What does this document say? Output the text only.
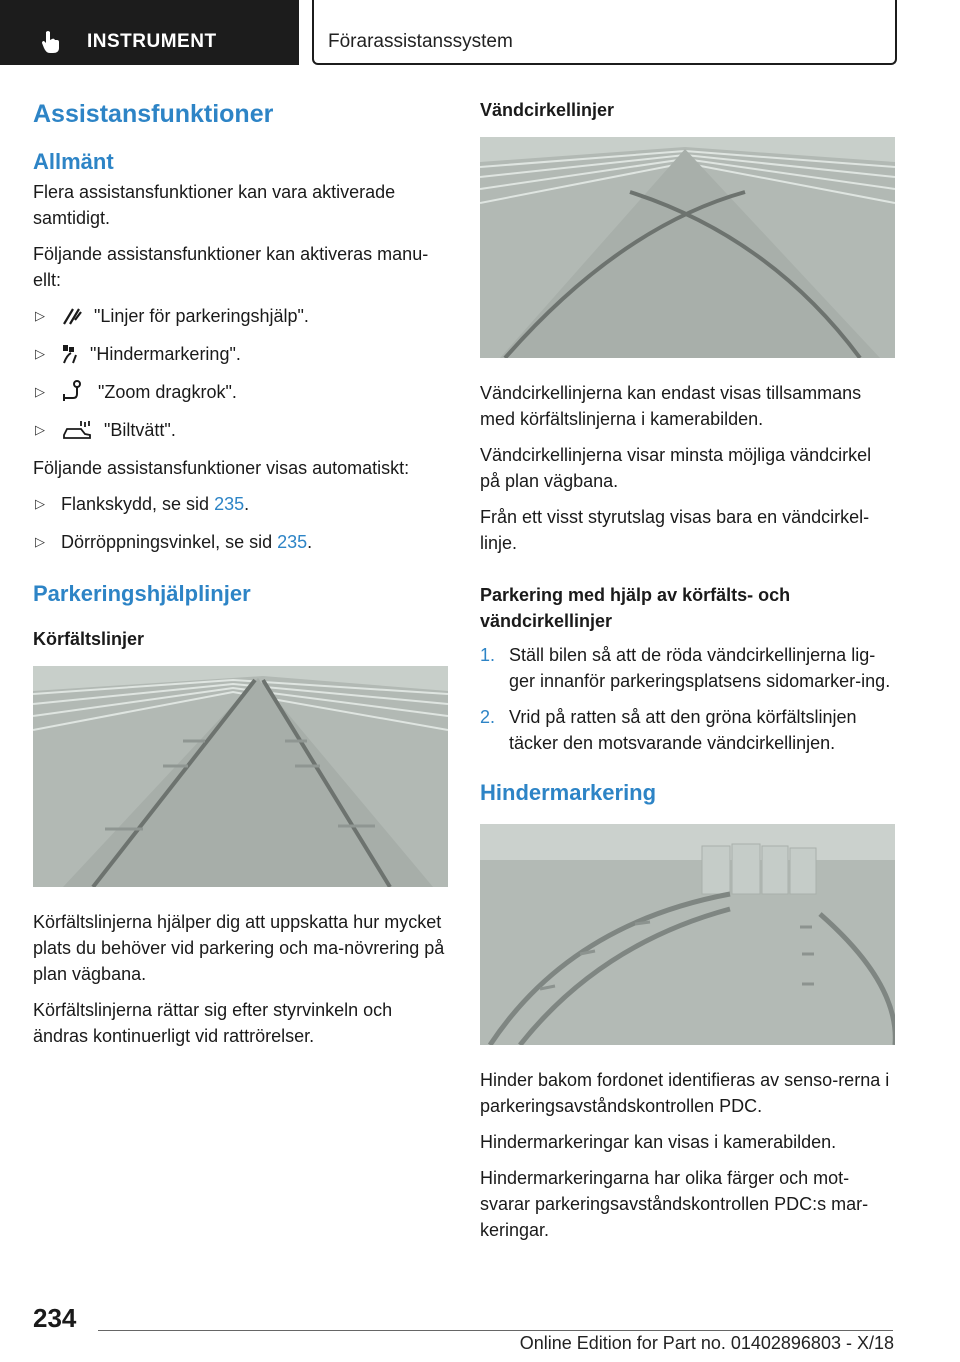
INSTRUMENT	Förarassistanssystem
Assistansfunktioner
Allmänt

Flera assistansfunktioner kan vara aktiverade samtidigt.

Följande assistansfunktioner kan aktiveras manu-ellt:

▷	"Linjer för parkeringshjälp".
▷	"Hindermarkering".
▷	"Zoom dragkrok".
▷	"Biltvätt".

Följande assistansfunktioner visas automatiskt:

▷ Flankskydd, se sid 235.
▷ Dörröppningsvinkel, se sid 235.
Parkeringshjälplinjer
Körfältslinjer

Körfältslinjerna hjälper dig att uppskatta hur mycket plats du behöver vid parkering och ma-növrering på plan vägbana.

Körfältslinjerna rättar sig efter styrvinkeln och ändras kontinuerligt vid rattrörelser.

Vändcirkellinjer

Vändcirkellinjerna kan endast visas tillsammans med körfältslinjerna i kamerabilden.

Vändcirkellinjerna visar minsta möjliga vändcirkel på plan vägbana.

Från ett visst styrutslag visas bara en vändcirkel-linje.

Parkering med hjälp av körfälts- och vändcirkellinjer
1. Ställ bilen så att de röda vändcirkellinjerna lig-ger innanför parkeringsplatsens sidomarker-ing.
2. Vrid på ratten så att den gröna körfältslinjen täcker den motsvarande vändcirkellinjen.
Hindermarkering

Hinder bakom fordonet identifieras av senso-rerna i parkeringsavståndskontrollen PDC.

Hindermarkeringar kan visas i kamerabilden.

Hindermarkeringarna har olika färger och mot-svarar parkeringsavståndskontrollen PDC:s mar-keringar.

234
Online Edition for Part no. 01402896803 - X/18
